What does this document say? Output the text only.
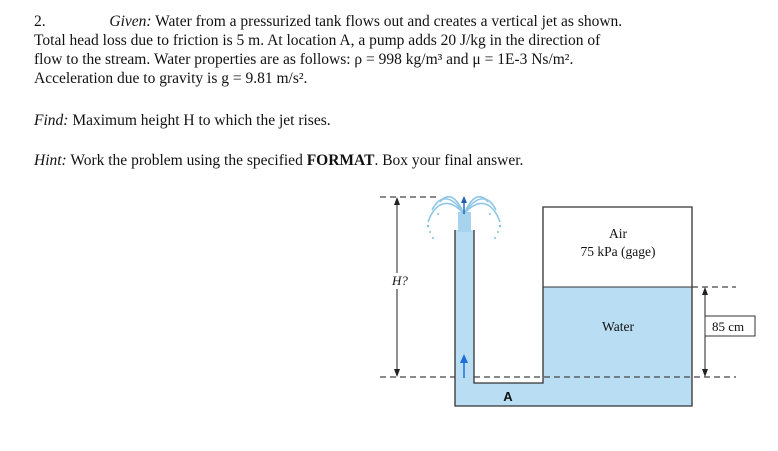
2.	Given: Water from a pressurized tank flows out and creates a vertical jet as shown.
Total head loss due to friction is 5 m. At location A, a pump adds 20 J/kg in the direction of
flow to the stream. Water properties are as follows: ρ = 998 kg/m³ and μ = 1E-3 Ns/m².
Acceleration due to gravity is g = 9.81 m/s².
Find: Maximum height H to which the jet rises.
Hint: Work the problem using the specified FORMAT. Box your final answer.
H?
85 cm
Air
75 kPa (gage)
Water
A
